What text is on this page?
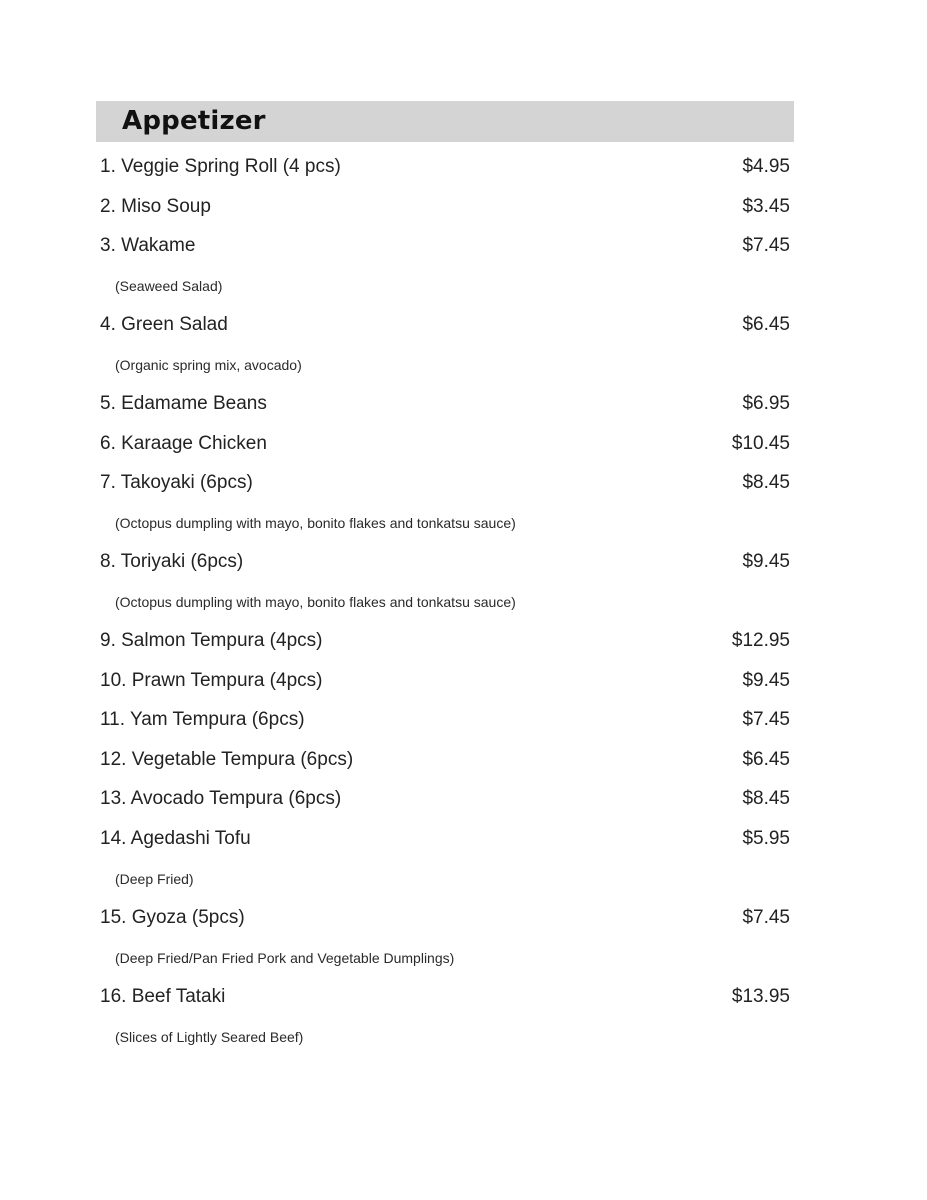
Appetizer
1. Veggie Spring Roll (4 pcs)	$4.95
2. Miso Soup	$3.45
3. Wakame	$7.45
(Seaweed Salad)
4. Green Salad	$6.45
(Organic spring mix, avocado)
5. Edamame Beans	$6.95
6. Karaage Chicken	$10.45
7. Takoyaki (6pcs)	$8.45
(Octopus dumpling with mayo, bonito flakes and tonkatsu sauce)
8. Toriyaki (6pcs)	$9.45
(Octopus dumpling with mayo, bonito flakes and tonkatsu sauce)
9. Salmon Tempura (4pcs)	$12.95
10. Prawn Tempura (4pcs)	$9.45
11. Yam Tempura (6pcs)	$7.45
12. Vegetable Tempura (6pcs)	$6.45
13. Avocado Tempura (6pcs)	$8.45
14. Agedashi Tofu	$5.95
(Deep Fried)
15. Gyoza (5pcs)	$7.45
(Deep Fried/Pan Fried Pork and Vegetable Dumplings)
16. Beef Tataki	$13.95
(Slices of Lightly Seared Beef)
